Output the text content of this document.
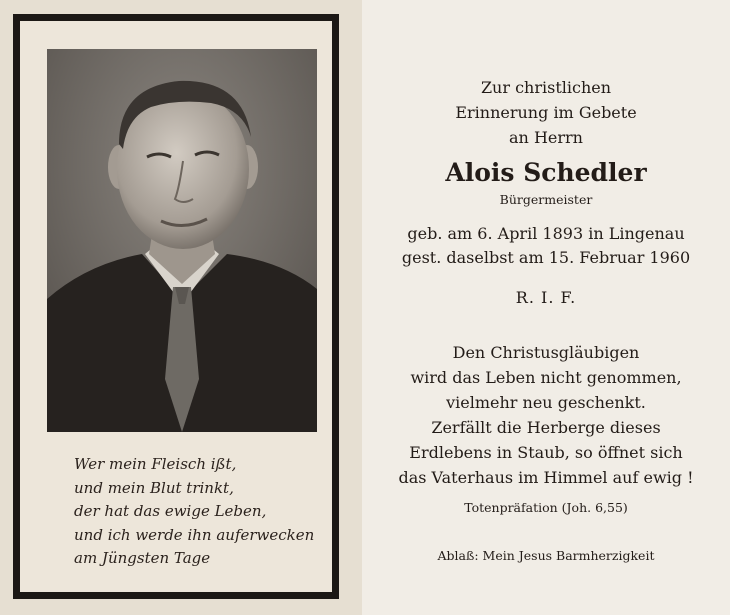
Wer mein Fleisch ißt,
und mein Blut trinkt,
der hat das ewige Leben,
und ich werde ihn auferwecken
am Jüngsten Tage
Zur christlichen
Erinnerung im Gebete
an Herrn
Alois Schedler
Bürgermeister
geb. am 6. April 1893 in Lingenau
gest. daselbst am 15. Februar 1960
R. I. F.
Den Christusgläubigen
wird das Leben nicht genommen,
vielmehr neu geschenkt.
Zerfällt die Herberge dieses
Erdlebens in Staub, so öffnet sich
das Vaterhaus im Himmel auf ewig !
Totenpräfation (Joh. 6,55)
Ablaß: Mein Jesus Barmherzigkeit
